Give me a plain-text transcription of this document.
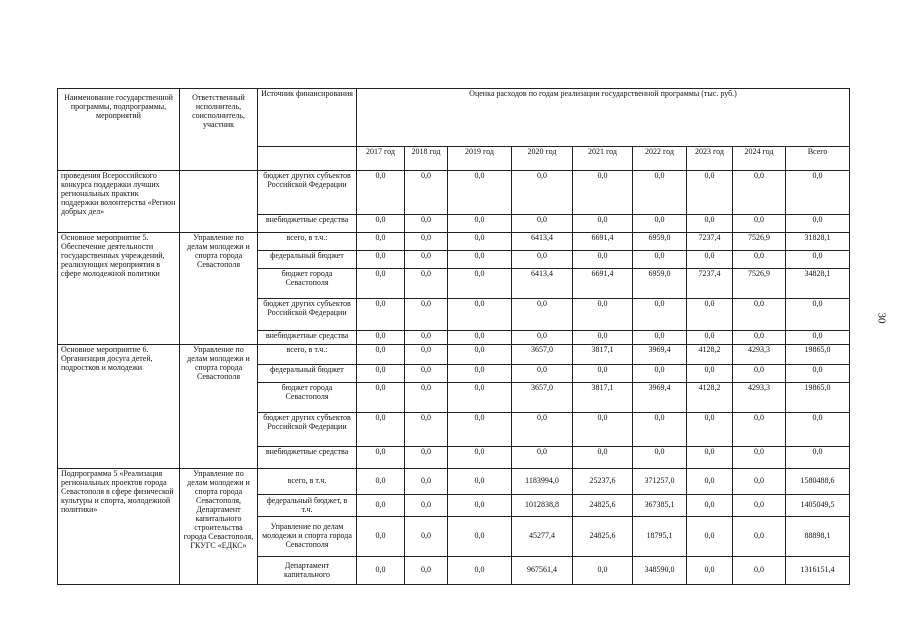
Наименование государственной программы, подпрограммы, мероприятий	Ответственный исполнитель, соисполнитель, участник	Источник финансирования	Оценка расходов по годам реализации государственной программы (тыс. руб.)								
			2017 год	2018 год	2019 год	2020 год	2021 год	2022 год	2023 год	2024 год	Всего
проведения Всероссийского конкурса поддержки лучших региональных практик поддержки волонтерства «Регион добрых дел»		бюджет других субъектов Российской Федерации	0,0	0,0	0,0	0,0	0,0	0,0	0,0	0,0	0,0
		внебюджетные средства	0,0	0,0	0,0	0,0	0,0	0,0	0,0	0,0	0,0
Основное мероприятие 5. Обеспечение деятельности государственных учреждений, реализующих мероприятия в сфере молодежной политики	Управление по делам молодежи и спорта города Севастополя	всего, в т.ч.:	0,0	0,0	0,0	6413,4	6691,4	6959,0	7237,4	7526,9	31828,1
		федеральный бюджет	0,0	0,0	0,0	0,0	0,0	0,0	0,0	0,0	0,0
		бюджет города Севастополя	0,0	0,0	0,0	6413,4	6691,4	6959,0	7237,4	7526,9	34828,1
		бюджет других субъектов Российской Федерации	0,0	0,0	0,0	0,0	0,0	0,0	0,0	0,0	0,0
		внебюджетные средства	0,0	0,0	0,0	0,0	0,0	0,0	0,0	0,0	0,0
Основное мероприятие 6. Организация досуга детей, подростков и молодежи	Управление по делам молодежи и спорта города Севастополя	всего, в т.ч.:	0,0	0,0	0,0	3657,0	3817,1	3969,4	4128,2	4293,3	19865,0
		федеральный бюджет	0,0	0,0	0,0	0,0	0,0	0,0	0,0	0,0	0,0
		бюджет города Севастополя	0,0	0,0	0,0	3657,0	3817,1	3969,4	4128,2	4293,3	19865,0
		бюджет других субъектов Российской Федерации	0,0	0,0	0,0	0,0	0,0	0,0	0,0	0,0	0,0
		внебюджетные средства	0,0	0,0	0,0	0,0	0,0	0,0	0,0	0,0	0,0
Подпрограмма 5 «Реализация региональных проектов города Севастополя в сфере физической культуры и спорта, молодежной политики»	Управление по делам молодежи и спорта города Севастополя, Департамент капитального строительства города Севастополя, ГКУГС «ЕДКС»	всего, в т.ч.	0,0	0,0	0,0	1183994,0	25237,6	371257,0	0,0	0,0	1580488,6
		федеральный бюджет, в т.ч.	0,0	0,0	0,0	1012838,8	24825,6	367385,1	0,0	0,0	1405049,5
		Управление по делам молодежи и спорта города Севастополя	0,0	0,0	0,0	45277,4	24825,6	18795,1	0,0	0,0	88898,1
		Департамент капитального	0,0	0,0	0,0	967561,4	0,0	348590,0	0,0	0,0	1316151,4
30
